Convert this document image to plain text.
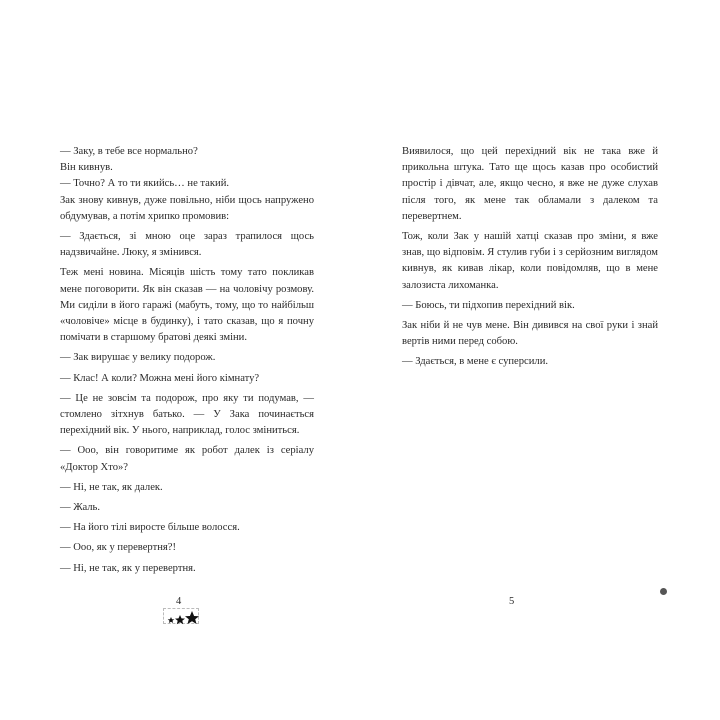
— Заку, в тебе все нормально?

Він кивнув.

— Точно? А то ти якийсь… не такий.

Зак знову кивнув, дуже повільно, ніби щось напружено обдумував, а потім хрипко промовив:

— Здається, зі мною оце зараз трапилося щось надзвичайне. Люку, я змінився.

Теж мені новина. Місяців шість тому тато покликав мене поговорити. Як він сказав — на чоловічу розмову. Ми сиділи в його гаражі (мабуть, тому, що то найбільш «чоловіче» місце в будинку), і тато сказав, що я почну помічати в старшому братові деякі зміни.

— Зак вирушає у велику подорож.

— Клас! А коли? Можна мені його кімнату?

— Це не зовсім та подорож, про яку ти подумав, — стомлено зітхнув батько. — У Зака починається перехідний вік. У нього, наприклад, голос зміниться.

— Ооо, він говоритиме як робот далек із серіалу «Доктор Хто»?

— Ні, не так, як далек.

— Жаль.

— На його тілі виросте більше волосся.

— Ооо, як у перевертня?!

— Ні, не так, як у перевертня.

4

Виявилося, що цей перехідний вік не така вже й прикольна штука. Тато ще щось казав про особистий простір і дівчат, але, якщо чесно, я вже не дуже слухав після того, як мене так обламали з далеком та перевертнем.

Тож, коли Зак у нашій хатці сказав про зміни, я вже знав, що відповім. Я стулив губи і з серйозним виглядом кивнув, як кивав лікар, коли повідомляв, що в мене залозиста лихоманка.

— Боюсь, ти підхопив перехідний вік.

Зак ніби й не чув мене. Він дивився на свої руки і знай вертів ними перед собою.

— Здається, в мене є суперсили.

5
